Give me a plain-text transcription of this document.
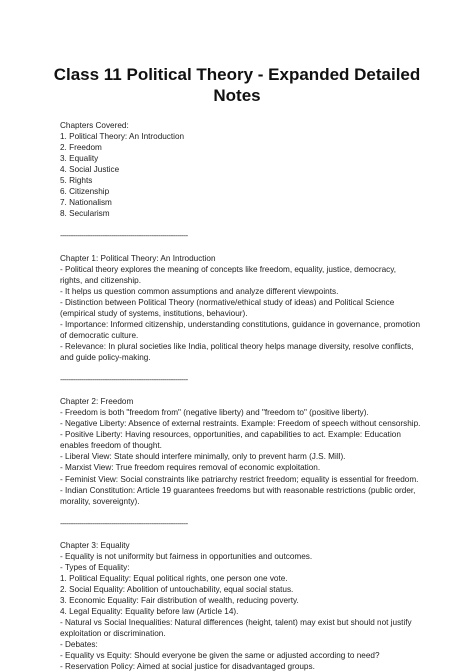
Class 11 Political Theory - Expanded Detailed
Notes
Chapters Covered:
1. Political Theory: An Introduction
2. Freedom
3. Equality
4. Social Justice
5. Rights
6. Citizenship
7. Nationalism
8. Secularism
------------------------------------------------------------
Chapter 1: Political Theory: An Introduction
- Political theory explores the meaning of concepts like freedom, equality, justice, democracy,
rights, and citizenship.
- It helps us question common assumptions and analyze different viewpoints.
- Distinction between Political Theory (normative/ethical study of ideas) and Political Science
(empirical study of systems, institutions, behaviour).
- Importance: Informed citizenship, understanding constitutions, guidance in governance, promotion
of democratic culture.
- Relevance: In plural societies like India, political theory helps manage diversity, resolve conflicts,
and guide policy-making.
------------------------------------------------------------
Chapter 2: Freedom
- Freedom is both "freedom from" (negative liberty) and "freedom to" (positive liberty).
- Negative Liberty: Absence of external restraints. Example: Freedom of speech without censorship.
- Positive Liberty: Having resources, opportunities, and capabilities to act. Example: Education
enables freedom of thought.
- Liberal View: State should interfere minimally, only to prevent harm (J.S. Mill).
- Marxist View: True freedom requires removal of economic exploitation.
- Feminist View: Social constraints like patriarchy restrict freedom; equality is essential for freedom.
- Indian Constitution: Article 19 guarantees freedoms but with reasonable restrictions (public order,
morality, sovereignty).
------------------------------------------------------------
Chapter 3: Equality
- Equality is not uniformity but fairness in opportunities and outcomes.
- Types of Equality:
1. Political Equality: Equal political rights, one person one vote.
2. Social Equality: Abolition of untouchability, equal social status.
3. Economic Equality: Fair distribution of wealth, reducing poverty.
4. Legal Equality: Equality before law (Article 14).
- Natural vs Social Inequalities: Natural differences (height, talent) may exist but should not justify
exploitation or discrimination.
- Debates:
- Equality vs Equity: Should everyone be given the same or adjusted according to need?
- Reservation Policy: Aimed at social justice for disadvantaged groups.
